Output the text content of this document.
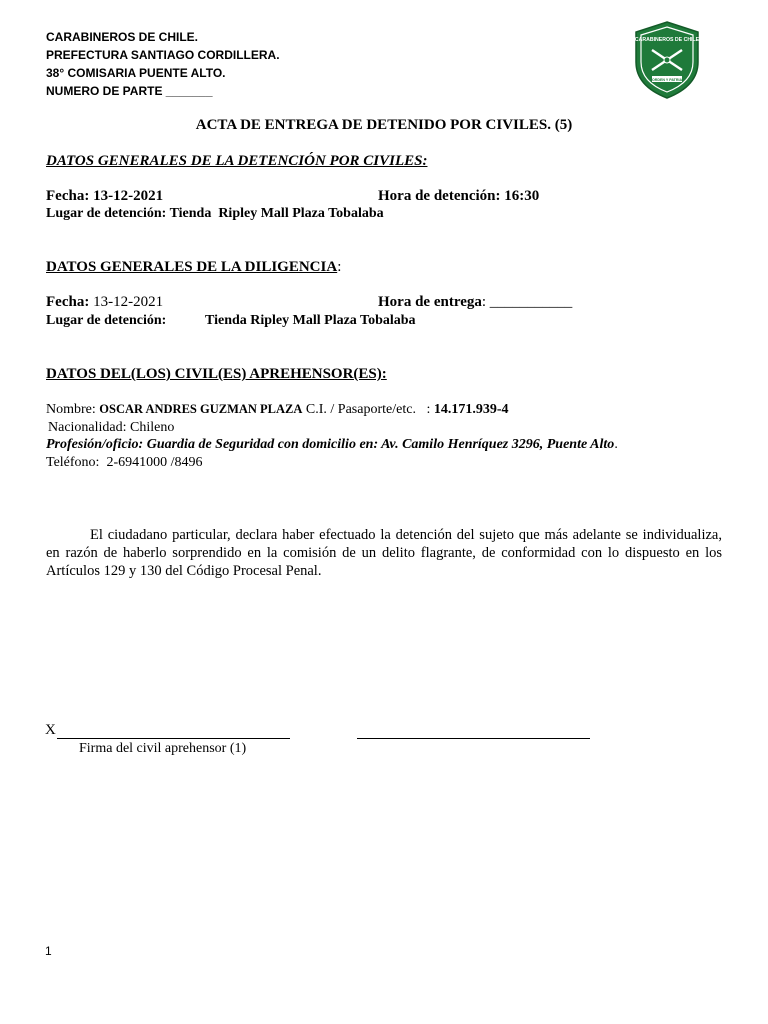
CARABINEROS DE CHILE.
PREFECTURA SANTIAGO CORDILLERA.
38° COMISARIA PUENTE ALTO.
NUMERO DE PARTE _______
CARABINEROS DE CHILE
ORDEN Y PATRIA
ACTA DE ENTREGA DE DETENIDO POR CIVILES. (5)
DATOS GENERALES DE LA DETENCIÓN POR CIVILES:
Fecha: 13-12-2021	Hora de detención: 16:30
Lugar de detención: Tienda  Ripley Mall Plaza Tobalaba
DATOS GENERALES DE LA DILIGENCIA:
Fecha: 13-12-2021	Hora de entrega: ___________
Lugar de detención:	Tienda Ripley Mall Plaza Tobalaba
DATOS DEL(LOS) CIVIL(ES) APREHENSOR(ES):
Nombre: OSCAR ANDRES GUZMAN PLAZA C.I. / Pasaporte/etc.   : 14.171.939-4
Nacionalidad: Chileno
Profesión/oficio: Guardia de Seguridad con domicilio en: Av. Camilo Henríquez 3296, Puente Alto.
Teléfono:  2-6941000 /8496
El ciudadano particular, declara haber efectuado la detención del sujeto que más adelante se individualiza, en razón de haberlo sorprendido en la comisión de un delito flagrante, de conformidad con lo dispuesto en los Artículos 129 y 130 del Código Procesal Penal.
X
Firma del civil aprehensor (1)
1
